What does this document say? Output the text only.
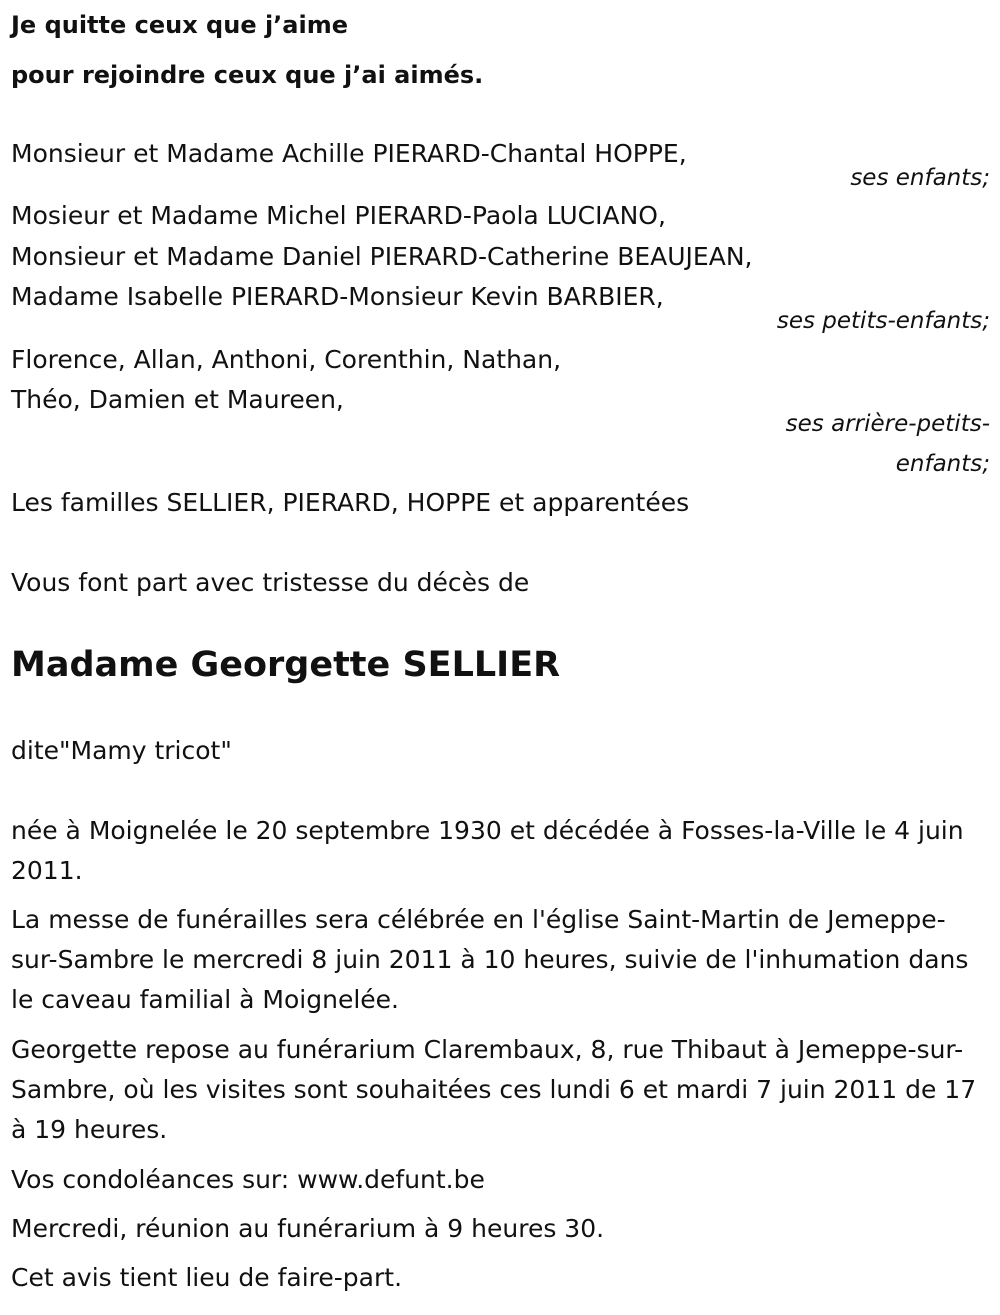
Je quitte ceux que j’aime
pour rejoindre ceux que j’ai aimés.
Monsieur et Madame Achille PIERARD-Chantal HOPPE,
ses enfants;
Mosieur et Madame Michel PIERARD-Paola LUCIANO,
Monsieur et Madame Daniel PIERARD-Catherine BEAUJEAN,
Madame Isabelle PIERARD-Monsieur Kevin BARBIER,
ses petits-enfants;
Florence, Allan, Anthoni, Corenthin, Nathan,
Théo, Damien et Maureen,
ses arrière-petits-
enfants;
Les familles SELLIER, PIERARD, HOPPE et apparentées
Vous font part avec tristesse du décès de
Madame Georgette SELLIER
dite"Mamy tricot"
née à Moignelée le 20 septembre 1930 et décédée à Fosses-la-Ville le 4 juin 2011.
La messe de funérailles sera célébrée en l'église Saint-Martin de Jemeppe-sur-Sambre le mercredi 8 juin 2011 à 10 heures, suivie de l'inhumation dans le caveau familial à Moignelée.
Georgette repose au funérarium Clarembaux, 8, rue Thibaut à Jemeppe-sur-Sambre, où les visites sont souhaitées ces lundi 6 et mardi 7 juin 2011 de 17 à 19 heures.
Vos condoléances sur: www.defunt.be
Mercredi, réunion au funérarium à 9 heures 30.
Cet avis tient lieu de faire-part.
